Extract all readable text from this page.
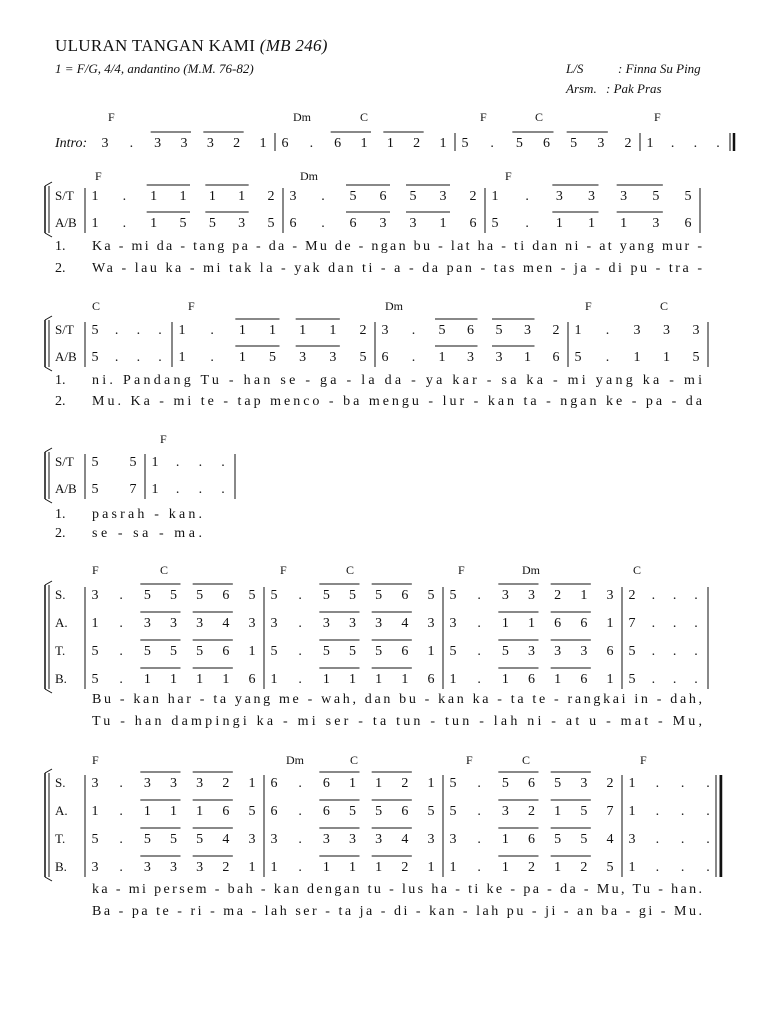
ULURAN TANGAN KAMI (MB 246)
1 = F/G, 4/4, andantino (M.M. 76-82)	L/S	: Finna Su Ping
Arsm. : Pak Pras
Intro:
F	Dm	C	F	C	F
3 . 3 3 3 2 1 6 . 6 1 1 2 1 5 . 5 6 5 3 2 1 . . .
F	Dm	F
S/T 1 . 1 1 1 1 2 3 . 5 6 5 3 2 1 . 3 3 3 5 5
A/B 1 . 1 5 5 3 5 6 . 6 3 3 1 6 5 . 1 1 1 3 6
1. Ka - mi da - tang pa - da - Mu de - ngan bu - lat ha - ti dan ni - at yang mur -
2. Wa - lau ka - mi tak la - yak dan ti - a - da pan - tas men - ja - di pu - tra -
C	F	Dm	F	C
S/T 5 . . . 1 . 1 1 1 1 2 3 . 5 6 5 3 2 1 . 3 3 3
A/B 5 . . . 1 . 1 5 3 3 5 6 . 1 3 3 1 6 5 . 1 1 5
1. ni. Pandang Tu - han se - ga - la da - ya kar - sa ka - mi yang ka - mi
2. Mu. Ka - mi te - tap menco - ba mengu - lur - kan ta - ngan ke - pa - da
F
S/T 5 5 1 . . .
A/B 5 7 1 . . .
1. pasrah - kan.
2. se - sa - ma.
F	C	F	C	F	Dm	C
S. 3 . 5 5 5 6 5 5 . 5 5 5 6 5 5 . 3 3 2 1 3 2 . . .
A. 1 . 3 3 3 4 3 3 . 3 3 3 4 3 3 . 1 1 6 6 1 7 . . .
T. 5 . 5 5 5 6 1 5 . 5 5 5 6 1 5 . 5 3 3 3 6 5 . . .
B. 5 . 1 1 1 1 6 1 . 1 1 1 1 6 1 . 1 6 1 6 1 5 . . .
Bu - kan har - ta yang me - wah, dan bu - kan ka - ta te - rangkai in - dah,
Tu - han dampingi ka - mi ser - ta tun - tun - lah ni - at u - mat - Mu,
F	Dm	C	F	C	F
S. 3 . 3 3 3 2 1 6 . 6 1 1 2 1 5 . 5 6 5 3 2 1 . . .
A. 1 . 1 1 1 6 5 6 . 6 5 5 6 5 5 . 3 2 1 5 7 1 . . .
T. 5 . 5 5 5 4 3 3 . 3 3 3 4 3 3 . 1 6 5 5 4 3 . . .
B. 3 . 3 3 3 2 1 1 . 1 1 1 2 1 1 . 1 2 1 2 5 1 . . .
ka - mi persem - bah - kan dengan tu - lus ha - ti ke - pa - da - Mu, Tu - han.
Ba - pa te - ri - ma - lah ser - ta ja - di - kan - lah pu - ji - an ba - gi - Mu.
